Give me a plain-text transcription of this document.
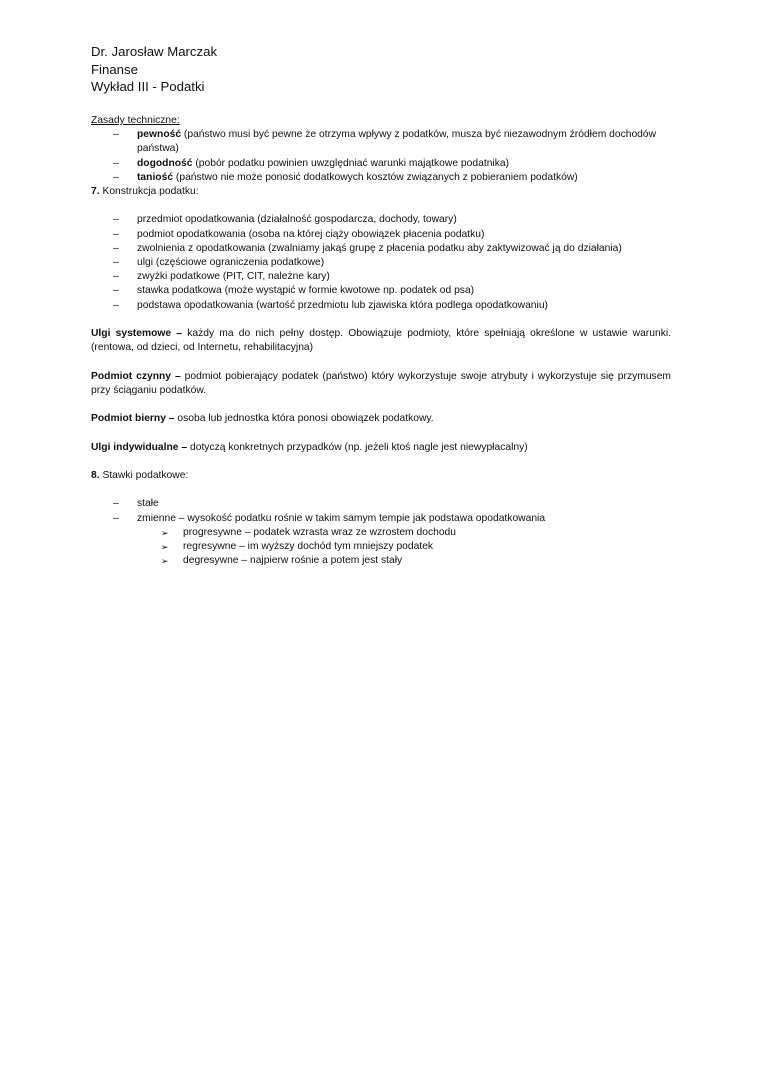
Dr. Jarosław Marczak
Finanse
Wykład III - Podatki
Zasady techniczne:
– pewność (państwo musi być pewne że otrzyma wpływy z podatków, musza być niezawodnym źródłem dochodów państwa)
– dogodność (pobór podatku powinien uwzględniać warunki majątkowe podatnika)
– taniość (państwo nie może ponosić dodatkowych kosztów związanych z pobieraniem podatków)
7. Konstrukcja podatku:
– przedmiot opodatkowania (działalność gospodarcza, dochody, towary)
– podmiot opodatkowania (osoba na której ciąży obowiązek płacenia podatku)
– zwolnienia z opodatkowania (zwalniamy jakąś grupę z płacenia podatku aby zaktywizować ją do działania)
– ulgi (częściowe ograniczenia podatkowe)
– zwyżki podatkowe (PIT, CIT, należne kary)
– stawka podatkowa (może wystąpić w formie kwotowe np. podatek od psa)
– podstawa opodatkowania (wartość przedmiotu lub zjawiska która podlega opodatkowaniu)

Ulgi systemowe – każdy ma do nich pełny dostęp. Obowiązuje podmioty, które spełniają określone w ustawie warunki. (rentowa, od dzieci, od Internetu, rehabilitacyjna)

Podmiot czynny – podmiot pobierający podatek (państwo) który wykorzystuje swoje atrybuty i wykorzystuje się przymusem przy ściąganiu podatków.

Podmiot bierny – osoba lub jednostka która ponosi obowiązek podatkowy.

Ulgi indywidualne – dotyczą konkretnych przypadków (np. jeżeli ktoś nagle jest niewypłacalny)

8. Stawki podatkowe:
– stałe
– zmienne – wysokość podatku rośnie w takim samym tempie jak podstawa opodatkowania
➢ progresywne – podatek wzrasta wraz ze wzrostem dochodu
➢ regresywne – im wyższy dochód tym mniejszy podatek
➢ degresywne – najpierw rośnie a potem jest stały
